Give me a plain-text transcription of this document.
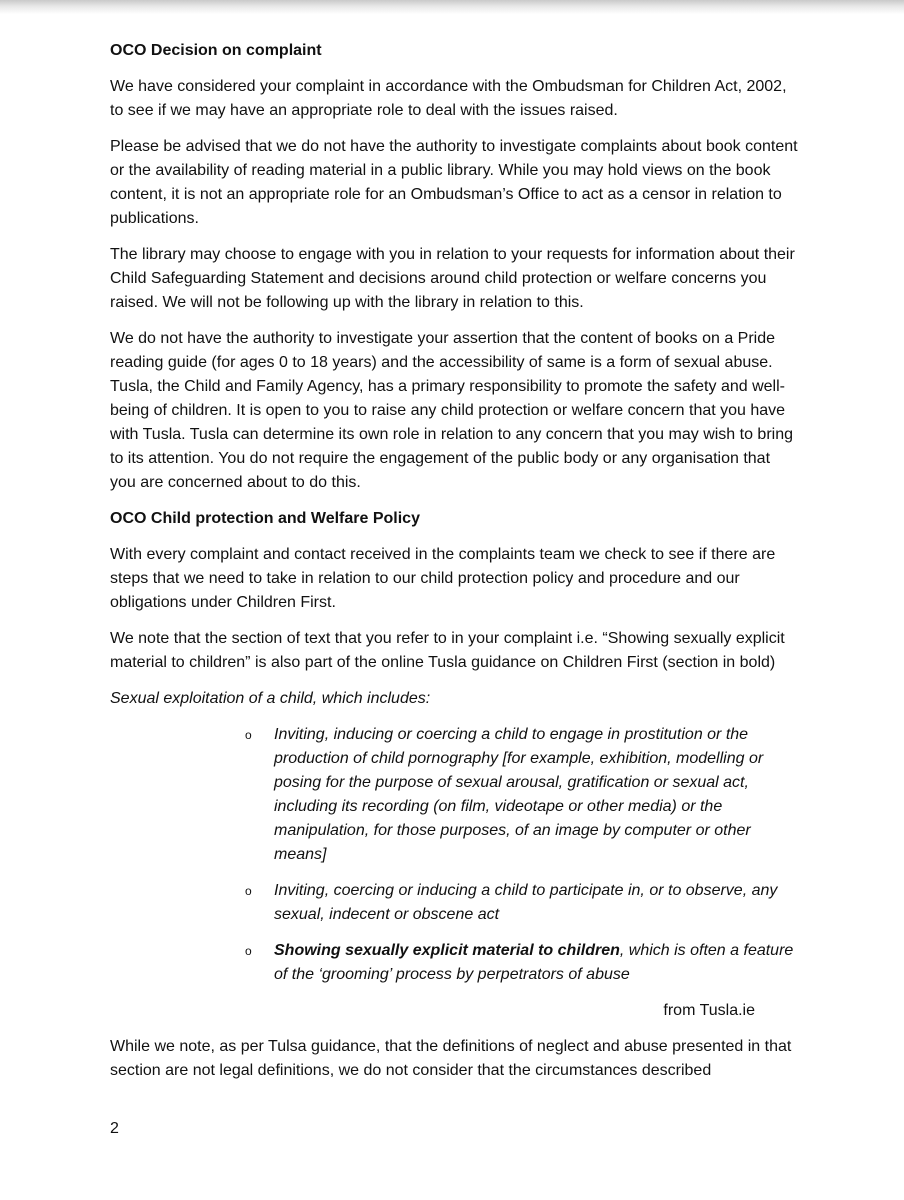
OCO Decision on complaint

We have considered your complaint in accordance with the Ombudsman for Children Act, 2002, to see if we may have an appropriate role to deal with the issues raised.

Please be advised that we do not have the authority to investigate complaints about book content or the availability of reading material in a public library. While you may hold views on the book content, it is not an appropriate role for an Ombudsman’s Office to act as a censor in relation to publications.

The library may choose to engage with you in relation to your requests for information about their Child Safeguarding Statement and decisions around child protection or welfare concerns you raised. We will not be following up with the library in relation to this.

We do not have the authority to investigate your assertion that the content of books on a Pride reading guide (for ages 0 to 18 years) and the accessibility of same is a form of sexual abuse. Tusla, the Child and Family Agency, has a primary responsibility to promote the safety and well-being of children. It is open to you to raise any child protection or welfare concern that you have with Tusla. Tusla can determine its own role in relation to any concern that you may wish to bring to its attention. You do not require the engagement of the public body or any organisation that you are concerned about to do this.

OCO Child protection and Welfare Policy

With every complaint and contact received in the complaints team we check to see if there are steps that we need to take in relation to our child protection policy and procedure and our obligations under Children First.

We note that the section of text that you refer to in your complaint i.e. “Showing sexually explicit material to children” is also part of the online Tusla guidance on Children First (section in bold)

Sexual exploitation of a child, which includes:

o Inviting, inducing or coercing a child to engage in prostitution or the production of child pornography [for example, exhibition, modelling or posing for the purpose of sexual arousal, gratification or sexual act, including its recording (on film, videotape or other media) or the manipulation, for those purposes, of an image by computer or other means]
o Inviting, coercing or inducing a child to participate in, or to observe, any sexual, indecent or obscene act
o Showing sexually explicit material to children, which is often a feature of the ‘grooming’ process by perpetrators of abuse

from Tusla.ie

While we note, as per Tulsa guidance, that the definitions of neglect and abuse presented in that section are not legal definitions, we do not consider that the circumstances described

2
